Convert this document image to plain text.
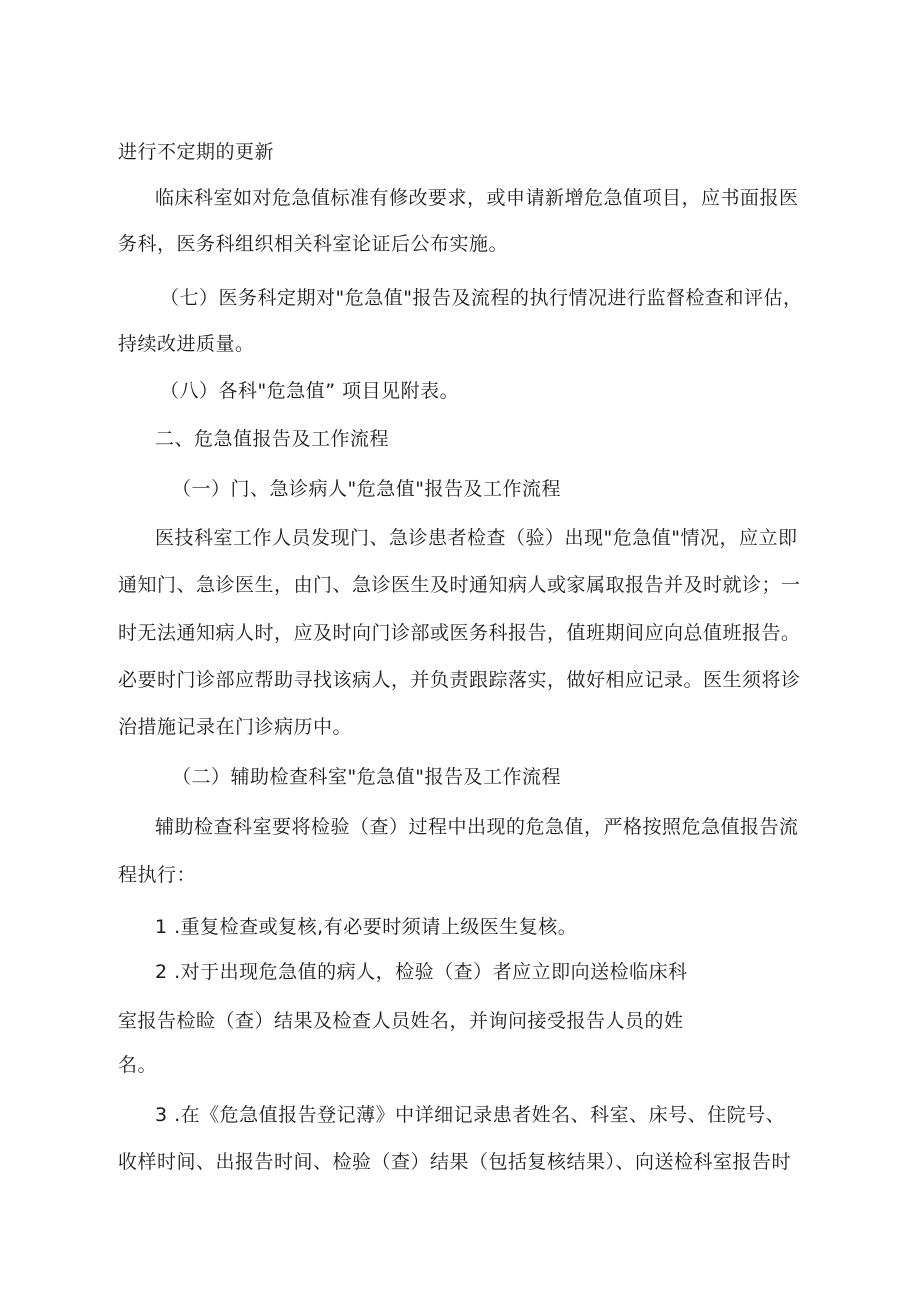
进行不定期的更新
临床科室如对危急值标准有修改要求，或申请新增危急值项目，应书面报医
务科，医务科组织相关科室论证后公布实施。
（七）医务科定期对"危急值"报告及流程的执行情况进行监督检查和评估，
持续改进质量。
（八）各科"危急值” 项目见附表。
二、危急值报告及工作流程
（一）门、急诊病人"危急值"报告及工作流程
医技科室工作人员发现门、急诊患者检查（验）出现"危急值"情况，应立即
通知门、急诊医生，由门、急诊医生及时通知病人或家属取报告并及时就诊；一
时无法通知病人时，应及时向门诊部或医务科报告，值班期间应向总值班报告。
必要时门诊部应帮助寻找该病人，并负责跟踪落实，做好相应记录。医生须将诊
治措施记录在门诊病历中。
（二）辅助检查科室"危急值"报告及工作流程
辅助检查科室要将检验（查）过程中出现的危急值，严格按照危急值报告流
程执行：
1 .重复检查或复核,有必要时须请上级医生复核。
2 .对于出现危急值的病人，检验（查）者应立即向送检临床科
室报告检睑（查）结果及检查人员姓名，并询问接受报告人员的姓
名。
3 .在《危急值报告登记薄》中详细记录患者姓名、科室、床号、住院号、
收样时间、出报告时间、检验（查）结果（包括复核结果）、向送检科室报告时
